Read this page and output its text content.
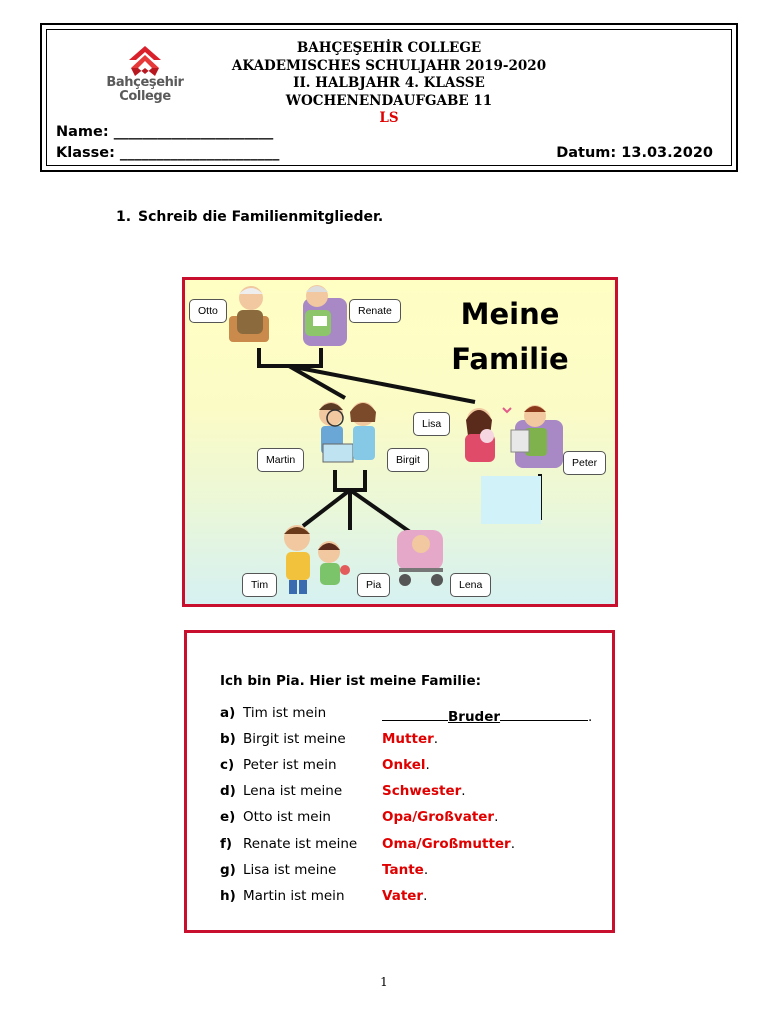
Bahçeşehir
College
BAHÇEŞEHİR COLLEGE
AKADEMISCHES SCHULJAHR 2019-2020
II. HALBJAHR 4. KLASSE
WOCHENENDAUFGABE 11
LS
Name: ______________________
Klasse: ______________________	Datum: 13.03.2020
1. Schreib die Familienmitglieder.
Meine
Familie
Otto	Renate
Lisa
Martin	Birgit	Peter
Tim	Pia	Lena
Ich bin Pia. Hier ist meine Familie:
a) Tim ist mein	Bruder	.
b) Birgit ist meine	Mutter.
c) Peter ist mein	Onkel.
d) Lena ist meine	Schwester.
e) Otto ist mein	Opa/Großvater.
f) Renate ist meine Oma/Großmutter.
g) Lisa ist meine	Tante.
h) Martin ist mein	Vater.
1
